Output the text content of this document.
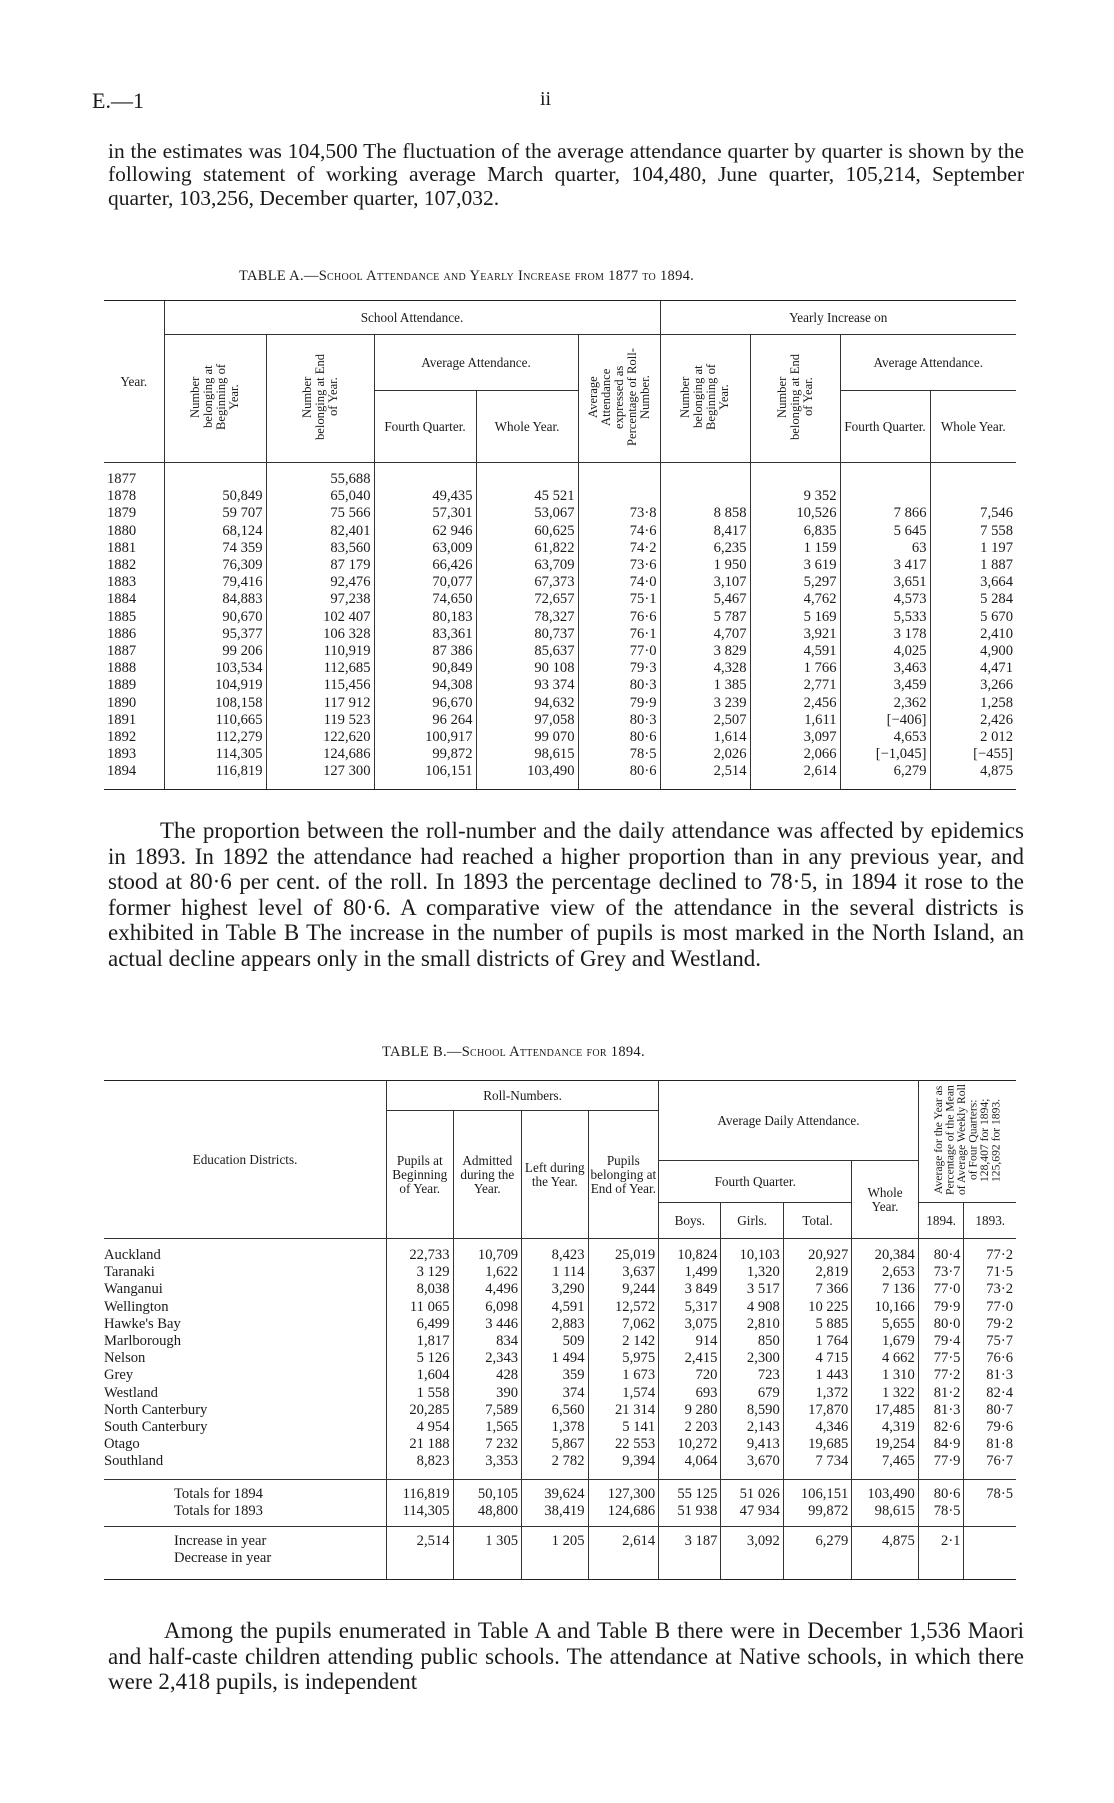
E.—1	ii

in the estimates was 104,500 The fluctuation of the average attendance quarter by quarter is shown by the following statement of working average March quarter, 104,480, June quarter, 105,214, September quarter, 103,256, December quarter, 107,032.

TABLE A.—School Attendance and Yearly Increase from 1877 to 1894.
Year.	School Attendance.					Yearly Increase on			
	Number belonging at Beginning of Year.	Number belonging at End of Year.	Average Attendance.		Average Attendance expressed as Percentage of Roll-Number.	Number belonging at Beginning of Year.	Number belonging at End of Year.	Average Attendance.	
			Fourth Quarter.	Whole Year.				Fourth Quarter.	Whole Year.
1877		55,688							
1878	50,849	65,040	49,435	45 521			9 352		
1879	59 707	75 566	57,301	53,067	73·8	8 858	10,526	7 866	7,546
1880	68,124	82,401	62 946	60,625	74·6	8,417	6,835	5 645	7 558
1881	74 359	83,560	63,009	61,822	74·2	6,235	1 159	63	1 197
1882	76,309	87 179	66,426	63,709	73·6	1 950	3 619	3 417	1 887
1883	79,416	92,476	70,077	67,373	74·0	3,107	5,297	3,651	3,664
1884	84,883	97,238	74,650	72,657	75·1	5,467	4,762	4,573	5 284
1885	90,670	102 407	80,183	78,327	76·6	5 787	5 169	5,533	5 670
1886	95,377	106 328	83,361	80,737	76·1	4,707	3,921	3 178	2,410
1887	99 206	110,919	87 386	85,637	77·0	3 829	4,591	4,025	4,900
1888	103,534	112,685	90,849	90 108	79·3	4,328	1 766	3,463	4,471
1889	104,919	115,456	94,308	93 374	80·3	1 385	2,771	3,459	3,266
1890	108,158	117 912	96,670	94,632	79·9	3 239	2,456	2,362	1,258
1891	110,665	119 523	96 264	97,058	80·3	2,507	1,611	[−406]	2,426
1892	112,279	122,620	100,917	99 070	80·6	1,614	3,097	4,653	2 012
1893	114,305	124,686	99,872	98,615	78·5	2,026	2,066	[−1,045]	[−455]
1894	116,819	127 300	106,151	103,490	80·6	2,514	2,614	6,279	4,875

The proportion between the roll-number and the daily attendance was affected by epidemics in 1893. In 1892 the attendance had reached a higher proportion than in any previous year, and stood at 80·6 per cent. of the roll. In 1893 the percentage declined to 78·5, in 1894 it rose to the former highest level of 80·6. A comparative view of the attendance in the several districts is exhibited in Table B The increase in the number of pupils is most marked in the North Island, an actual decline appears only in the small districts of Grey and Westland.

TABLE B.—School Attendance for 1894.
Education Districts.	Roll-Numbers.				Average Daily Attendance.				Average for the Year as Percentage of the Mean of Average Weekly Roll of Four Quarters: 128,407 for 1894; 125,692 for 1893.	
	Pupils at Beginning of Year.	Admitted during the Year.	Left during the Year.	Pupils belonging at End of Year.						
					Fourth Quarter.			Whole Year.		
					Boys.	Girls.	Total.		1894.	1893.
Auckland	22,733	10,709	8,423	25,019	10,824	10,103	20,927	20,384	80·4	77·2
Taranaki	3 129	1,622	1 114	3,637	1,499	1,320	2,819	2,653	73·7	71·5
Wanganui	8,038	4,496	3,290	9,244	3 849	3 517	7 366	7 136	77·0	73·2
Wellington	11 065	6,098	4,591	12,572	5,317	4 908	10 225	10,166	79·9	77·0
Hawke's Bay	6,499	3 446	2,883	7,062	3,075	2,810	5 885	5,655	80·0	79·2
Marlborough	1,817	834	509	2 142	914	850	1 764	1,679	79·4	75·7
Nelson	5 126	2,343	1 494	5,975	2,415	2,300	4 715	4 662	77·5	76·6
Grey	1,604	428	359	1 673	720	723	1 443	1 310	77·2	81·3
Westland	1 558	390	374	1,574	693	679	1,372	1 322	81·2	82·4
North Canterbury	20,285	7,589	6,560	21 314	9 280	8,590	17,870	17,485	81·3	80·7
South Canterbury	4 954	1,565	1,378	5 141	2 203	2,143	4,346	4,319	82·6	79·6
Otago	21 188	7 232	5,867	22 553	10,272	9,413	19,685	19,254	84·9	81·8
Southland	8,823	3,353	2 782	9,394	4,064	3,670	7 734	7,465	77·9	76·7
Totals for 1894	116,819	50,105	39,624	127,300	55 125	51 026	106,151	103,490	80·6	78·5
Totals for 1893	114,305	48,800	38,419	124,686	51 938	47 934	99,872	98,615	78·5	
Increase in year	2,514	1 305	1 205	2,614	3 187	3,092	6,279	4,875	2·1	
Decrease in year										

Among the pupils enumerated in Table A and Table B there were in December 1,536 Maori and half-caste children attending public schools. The attendance at Native schools, in which there were 2,418 pupils, is independent
